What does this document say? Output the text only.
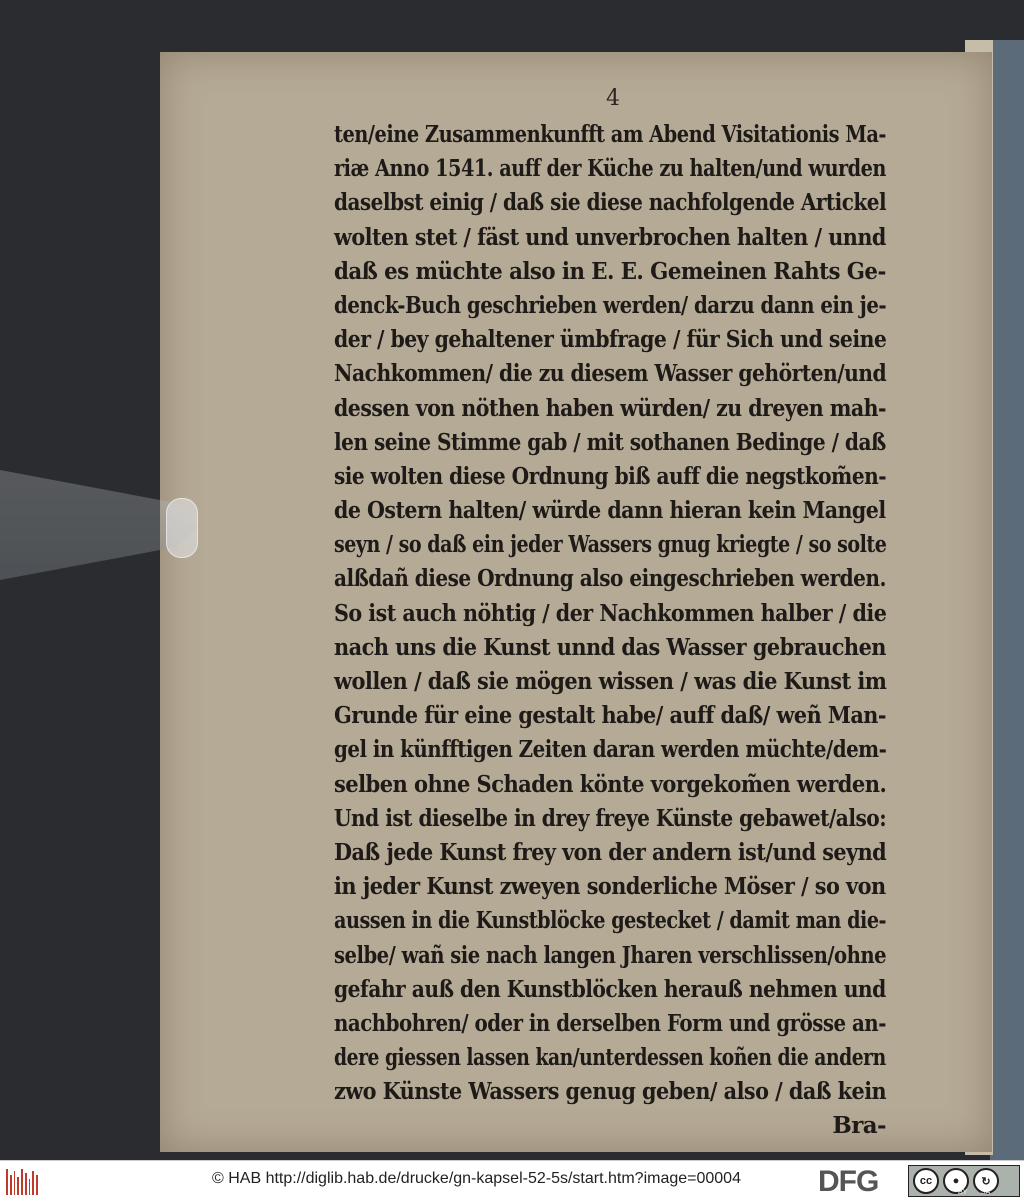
4
ten/eine Zusammenkunfft am Abend Visitationis Ma-
riæ Anno 1541. auff der Küche zu halten/und wurden
daselbst einig / daß sie diese nachfolgende Artickel
wolten stet / fäst und unverbrochen halten / unnd
daß es müchte also in E. E. Gemeinen Rahts Ge-
denck-Buch geschrieben werden/ darzu dann ein je-
der / bey gehaltener ümbfrage / für Sich und seine
Nachkommen/ die zu diesem Wasser gehörten/und
dessen von nöthen haben würden/ zu dreyen mah-
len seine Stimme gab / mit sothanen Bedinge / daß
sie wolten diese Ordnung biß auff die negstkom̃en-
de Ostern halten/ würde dann hieran kein Mangel
seyn / so daß ein jeder Wassers gnug kriegte / so solte
alßdañ diese Ordnung also eingeschrieben werden.
So ist auch nöhtig / der Nachkommen halber / die
nach uns die Kunst unnd das Wasser gebrauchen
wollen / daß sie mögen wissen / was die Kunst im
Grunde für eine gestalt habe/ auff daß/ weñ Man-
gel in künfftigen Zeiten daran werden müchte/dem-
selben ohne Schaden könte vorgekom̃en werden.
Und ist dieselbe in drey freye Künste gebawet/also:
Daß jede Kunst frey von der andern ist/und seynd
in jeder Kunst zweyen sonderliche Möser / so von
aussen in die Kunstblöcke gestecket / damit man die-
selbe/ wañ sie nach langen Jharen verschlissen/ohne
gefahr auß den Kunstblöcken herauß nehmen und
nachbohren/ oder in derselben Form und grösse an-
dere giessen lassen kan/unterdessen koñen die andern
zwo Künste Wassers genug geben/ also / daß kein
Bra-
© HAB http://diglib.hab.de/drucke/gn-kapsel-52-5s/start.htm?image=00004	DFG	cc	●	↻
BY SA
